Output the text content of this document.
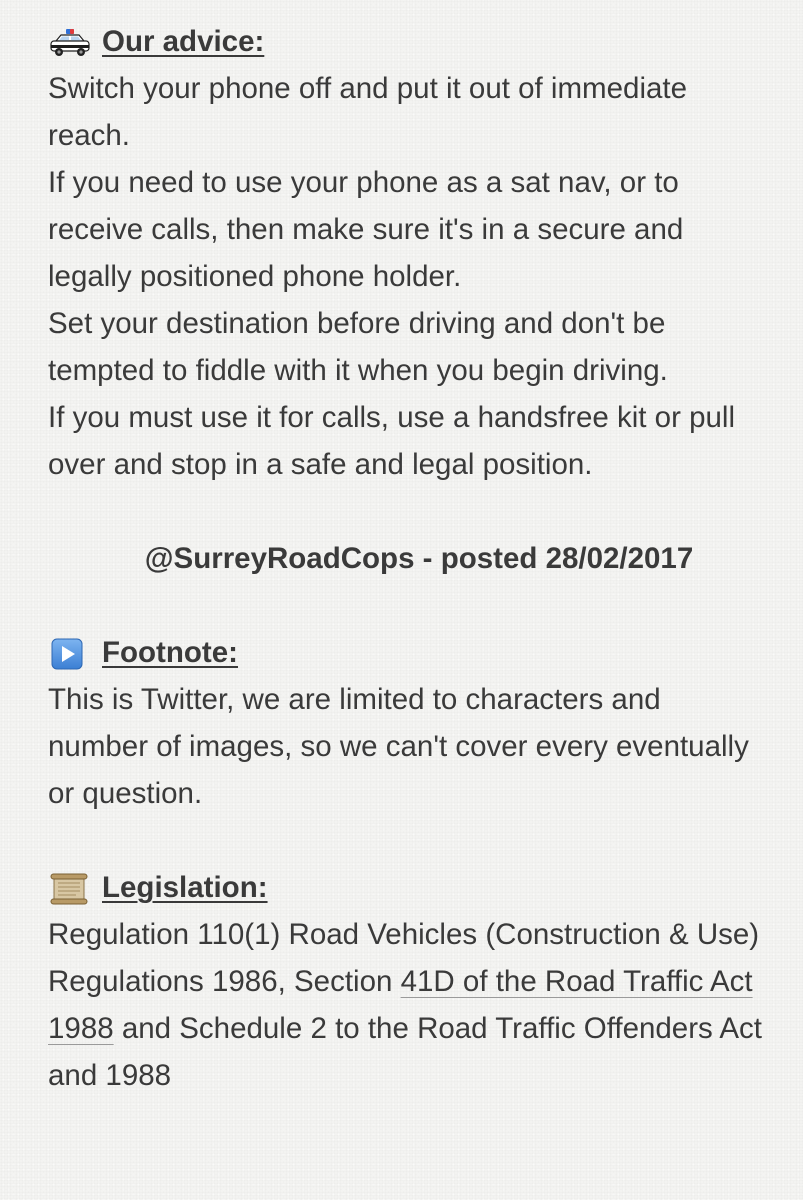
Our advice:

Switch your phone off and put it out of immediate reach.

If you need to use your phone as a sat nav, or to receive calls, then make sure it's in a secure and legally positioned phone holder.

Set your destination before driving and don't be tempted to fiddle with it when you begin driving.

If you must use it for calls, use a handsfree kit or pull over and stop in a safe and legal position.

@SurreyRoadCops - posted 28/02/2017
Footnote:

This is Twitter, we are limited to characters and number of images, so we can't cover every eventually or question.

Legislation:

Regulation 110(1) Road Vehicles (Construction & Use) Regulations 1986, Section 41D of the Road Traffic Act 1988 and Schedule 2 to the Road Traffic Offenders Act and 1988
